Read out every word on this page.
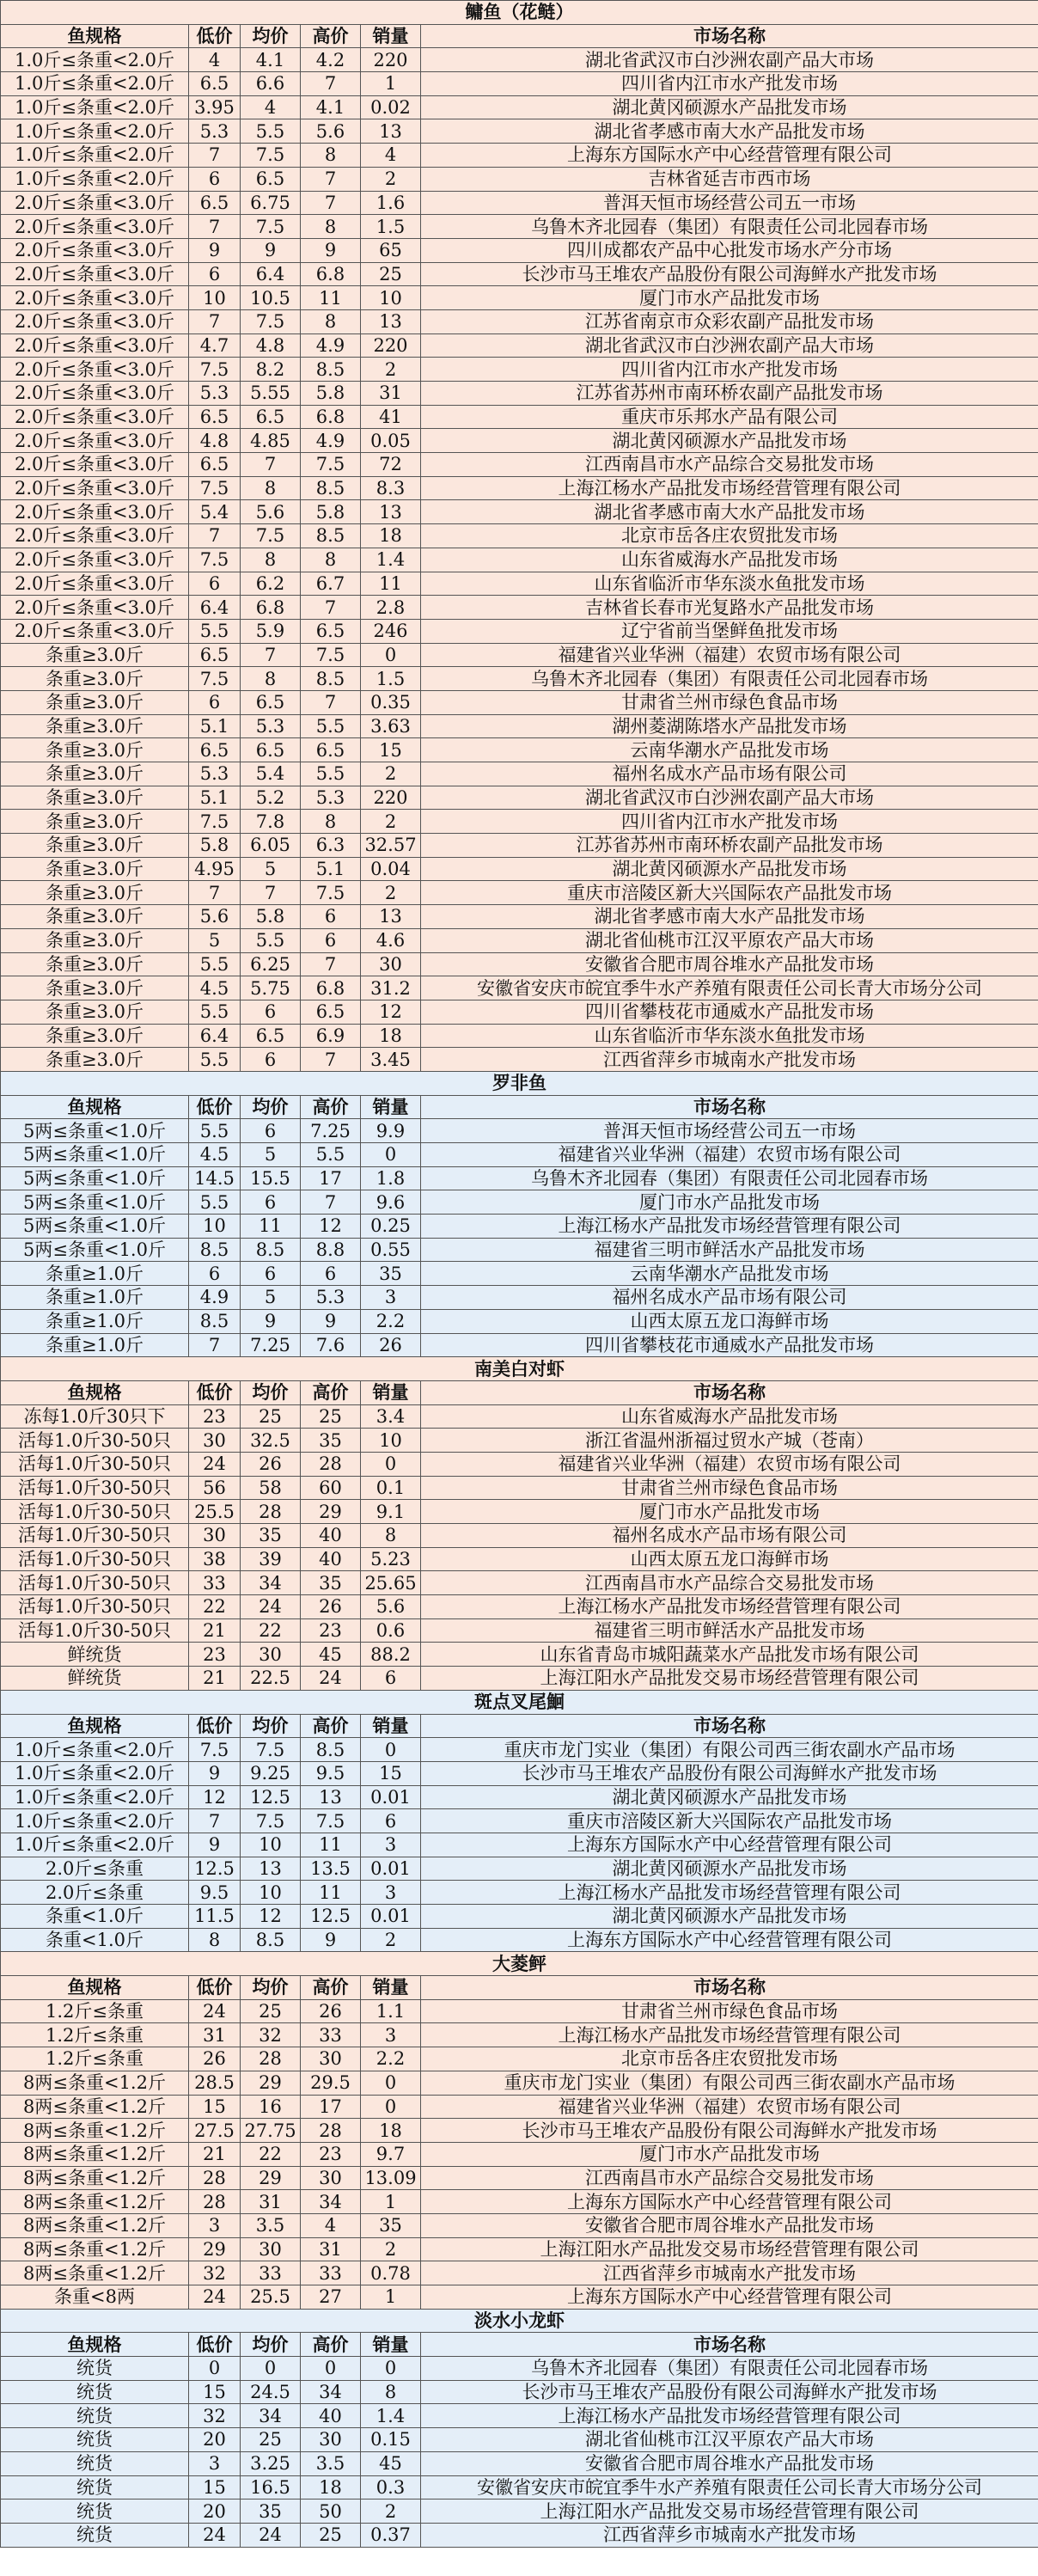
鳙鱼（花鲢）					
鱼规格	低价	均价	高价	销量	市场名称
1.0斤≤条重<2.0斤	4	4.1	4.2	220	湖北省武汉市白沙洲农副产品大市场
1.0斤≤条重<2.0斤	6.5	6.6	7	1	四川省内江市水产批发市场
1.0斤≤条重<2.0斤	3.95	4	4.1	0.02	湖北黄冈硕源水产品批发市场
1.0斤≤条重<2.0斤	5.3	5.5	5.6	13	湖北省孝感市南大水产品批发市场
1.0斤≤条重<2.0斤	7	7.5	8	4	上海东方国际水产中心经营管理有限公司
1.0斤≤条重<2.0斤	6	6.5	7	2	吉林省延吉市西市场
2.0斤≤条重<3.0斤	6.5	6.75	7	1.6	普洱天恒市场经营公司五一市场
2.0斤≤条重<3.0斤	7	7.5	8	1.5	乌鲁木齐北园春（集团）有限责任公司北园春市场
2.0斤≤条重<3.0斤	9	9	9	65	四川成都农产品中心批发市场水产分市场
2.0斤≤条重<3.0斤	6	6.4	6.8	25	长沙市马王堆农产品股份有限公司海鲜水产批发市场
2.0斤≤条重<3.0斤	10	10.5	11	10	厦门市水产品批发市场
2.0斤≤条重<3.0斤	7	7.5	8	13	江苏省南京市众彩农副产品批发市场
2.0斤≤条重<3.0斤	4.7	4.8	4.9	220	湖北省武汉市白沙洲农副产品大市场
2.0斤≤条重<3.0斤	7.5	8.2	8.5	2	四川省内江市水产批发市场
2.0斤≤条重<3.0斤	5.3	5.55	5.8	31	江苏省苏州市南环桥农副产品批发市场
2.0斤≤条重<3.0斤	6.5	6.5	6.8	41	重庆市乐邦水产品有限公司
2.0斤≤条重<3.0斤	4.8	4.85	4.9	0.05	湖北黄冈硕源水产品批发市场
2.0斤≤条重<3.0斤	6.5	7	7.5	72	江西南昌市水产品综合交易批发市场
2.0斤≤条重<3.0斤	7.5	8	8.5	8.3	上海江杨水产品批发市场经营管理有限公司
2.0斤≤条重<3.0斤	5.4	5.6	5.8	13	湖北省孝感市南大水产品批发市场
2.0斤≤条重<3.0斤	7	7.5	8.5	18	北京市岳各庄农贸批发市场
2.0斤≤条重<3.0斤	7.5	8	8	1.4	山东省威海水产品批发市场
2.0斤≤条重<3.0斤	6	6.2	6.7	11	山东省临沂市华东淡水鱼批发市场
2.0斤≤条重<3.0斤	6.4	6.8	7	2.8	吉林省长春市光复路水产品批发市场
2.0斤≤条重<3.0斤	5.5	5.9	6.5	246	辽宁省前当堡鲜鱼批发市场
条重≥3.0斤	6.5	7	7.5	0	福建省兴业华洲（福建）农贸市场有限公司
条重≥3.0斤	7.5	8	8.5	1.5	乌鲁木齐北园春（集团）有限责任公司北园春市场
条重≥3.0斤	6	6.5	7	0.35	甘肃省兰州市绿色食品市场
条重≥3.0斤	5.1	5.3	5.5	3.63	湖州菱湖陈塔水产品批发市场
条重≥3.0斤	6.5	6.5	6.5	15	云南华潮水产品批发市场
条重≥3.0斤	5.3	5.4	5.5	2	福州名成水产品市场有限公司
条重≥3.0斤	5.1	5.2	5.3	220	湖北省武汉市白沙洲农副产品大市场
条重≥3.0斤	7.5	7.8	8	2	四川省内江市水产批发市场
条重≥3.0斤	5.8	6.05	6.3	32.57	江苏省苏州市南环桥农副产品批发市场
条重≥3.0斤	4.95	5	5.1	0.04	湖北黄冈硕源水产品批发市场
条重≥3.0斤	7	7	7.5	2	重庆市涪陵区新大兴国际农产品批发市场
条重≥3.0斤	5.6	5.8	6	13	湖北省孝感市南大水产品批发市场
条重≥3.0斤	5	5.5	6	4.6	湖北省仙桃市江汉平原农产品大市场
条重≥3.0斤	5.5	6.25	7	30	安徽省合肥市周谷堆水产品批发市场
条重≥3.0斤	4.5	5.75	6.8	31.2	安徽省安庆市皖宜季牛水产养殖有限责任公司长青大市场分公司
条重≥3.0斤	5.5	6	6.5	12	四川省攀枝花市通威水产品批发市场
条重≥3.0斤	6.4	6.5	6.9	18	山东省临沂市华东淡水鱼批发市场
条重≥3.0斤	5.5	6	7	3.45	江西省萍乡市城南水产批发市场
罗非鱼					
鱼规格	低价	均价	高价	销量	市场名称
5两≤条重<1.0斤	5.5	6	7.25	9.9	普洱天恒市场经营公司五一市场
5两≤条重<1.0斤	4.5	5	5.5	0	福建省兴业华洲（福建）农贸市场有限公司
5两≤条重<1.0斤	14.5	15.5	17	1.8	乌鲁木齐北园春（集团）有限责任公司北园春市场
5两≤条重<1.0斤	5.5	6	7	9.6	厦门市水产品批发市场
5两≤条重<1.0斤	10	11	12	0.25	上海江杨水产品批发市场经营管理有限公司
5两≤条重<1.0斤	8.5	8.5	8.8	0.55	福建省三明市鲜活水产品批发市场
条重≥1.0斤	6	6	6	35	云南华潮水产品批发市场
条重≥1.0斤	4.9	5	5.3	3	福州名成水产品市场有限公司
条重≥1.0斤	8.5	9	9	2.2	山西太原五龙口海鲜市场
条重≥1.0斤	7	7.25	7.6	26	四川省攀枝花市通威水产品批发市场
南美白对虾					
鱼规格	低价	均价	高价	销量	市场名称
冻每1.0斤30只下	23	25	25	3.4	山东省威海水产品批发市场
活每1.0斤30-50只	30	32.5	35	10	浙江省温州浙福过贸水产城（苍南）
活每1.0斤30-50只	24	26	28	0	福建省兴业华洲（福建）农贸市场有限公司
活每1.0斤30-50只	56	58	60	0.1	甘肃省兰州市绿色食品市场
活每1.0斤30-50只	25.5	28	29	9.1	厦门市水产品批发市场
活每1.0斤30-50只	30	35	40	8	福州名成水产品市场有限公司
活每1.0斤30-50只	38	39	40	5.23	山西太原五龙口海鲜市场
活每1.0斤30-50只	33	34	35	25.65	江西南昌市水产品综合交易批发市场
活每1.0斤30-50只	22	24	26	5.6	上海江杨水产品批发市场经营管理有限公司
活每1.0斤30-50只	21	22	23	0.6	福建省三明市鲜活水产品批发市场
鲜统货	23	30	45	88.2	山东省青岛市城阳蔬菜水产品批发市场有限公司
鲜统货	21	22.5	24	6	上海江阳水产品批发交易市场经营管理有限公司
斑点叉尾鮰					
鱼规格	低价	均价	高价	销量	市场名称
1.0斤≤条重<2.0斤	7.5	7.5	8.5	0	重庆市龙门实业（集团）有限公司西三街农副水产品市场
1.0斤≤条重<2.0斤	9	9.25	9.5	15	长沙市马王堆农产品股份有限公司海鲜水产批发市场
1.0斤≤条重<2.0斤	12	12.5	13	0.01	湖北黄冈硕源水产品批发市场
1.0斤≤条重<2.0斤	7	7.5	7.5	6	重庆市涪陵区新大兴国际农产品批发市场
1.0斤≤条重<2.0斤	9	10	11	3	上海东方国际水产中心经营管理有限公司
2.0斤≤条重	12.5	13	13.5	0.01	湖北黄冈硕源水产品批发市场
2.0斤≤条重	9.5	10	11	3	上海江杨水产品批发市场经营管理有限公司
条重<1.0斤	11.5	12	12.5	0.01	湖北黄冈硕源水产品批发市场
条重<1.0斤	8	8.5	9	2	上海东方国际水产中心经营管理有限公司
大菱鲆					
鱼规格	低价	均价	高价	销量	市场名称
1.2斤≤条重	24	25	26	1.1	甘肃省兰州市绿色食品市场
1.2斤≤条重	31	32	33	3	上海江杨水产品批发市场经营管理有限公司
1.2斤≤条重	26	28	30	2.2	北京市岳各庄农贸批发市场
8两≤条重<1.2斤	28.5	29	29.5	0	重庆市龙门实业（集团）有限公司西三街农副水产品市场
8两≤条重<1.2斤	15	16	17	0	福建省兴业华洲（福建）农贸市场有限公司
8两≤条重<1.2斤	27.5	27.75	28	18	长沙市马王堆农产品股份有限公司海鲜水产批发市场
8两≤条重<1.2斤	21	22	23	9.7	厦门市水产品批发市场
8两≤条重<1.2斤	28	29	30	13.09	江西南昌市水产品综合交易批发市场
8两≤条重<1.2斤	28	31	34	1	上海东方国际水产中心经营管理有限公司
8两≤条重<1.2斤	3	3.5	4	35	安徽省合肥市周谷堆水产品批发市场
8两≤条重<1.2斤	29	30	31	2	上海江阳水产品批发交易市场经营管理有限公司
8两≤条重<1.2斤	32	33	33	0.78	江西省萍乡市城南水产批发市场
条重<8两	24	25.5	27	1	上海东方国际水产中心经营管理有限公司
淡水小龙虾					
鱼规格	低价	均价	高价	销量	市场名称
统货	0	0	0	0	乌鲁木齐北园春（集团）有限责任公司北园春市场
统货	15	24.5	34	8	长沙市马王堆农产品股份有限公司海鲜水产批发市场
统货	32	34	40	1.4	上海江杨水产品批发市场经营管理有限公司
统货	20	25	30	0.15	湖北省仙桃市江汉平原农产品大市场
统货	3	3.25	3.5	45	安徽省合肥市周谷堆水产品批发市场
统货	15	16.5	18	0.3	安徽省安庆市皖宜季牛水产养殖有限责任公司长青大市场分公司
统货	20	35	50	2	上海江阳水产品批发交易市场经营管理有限公司
统货	24	24	25	0.37	江西省萍乡市城南水产批发市场
